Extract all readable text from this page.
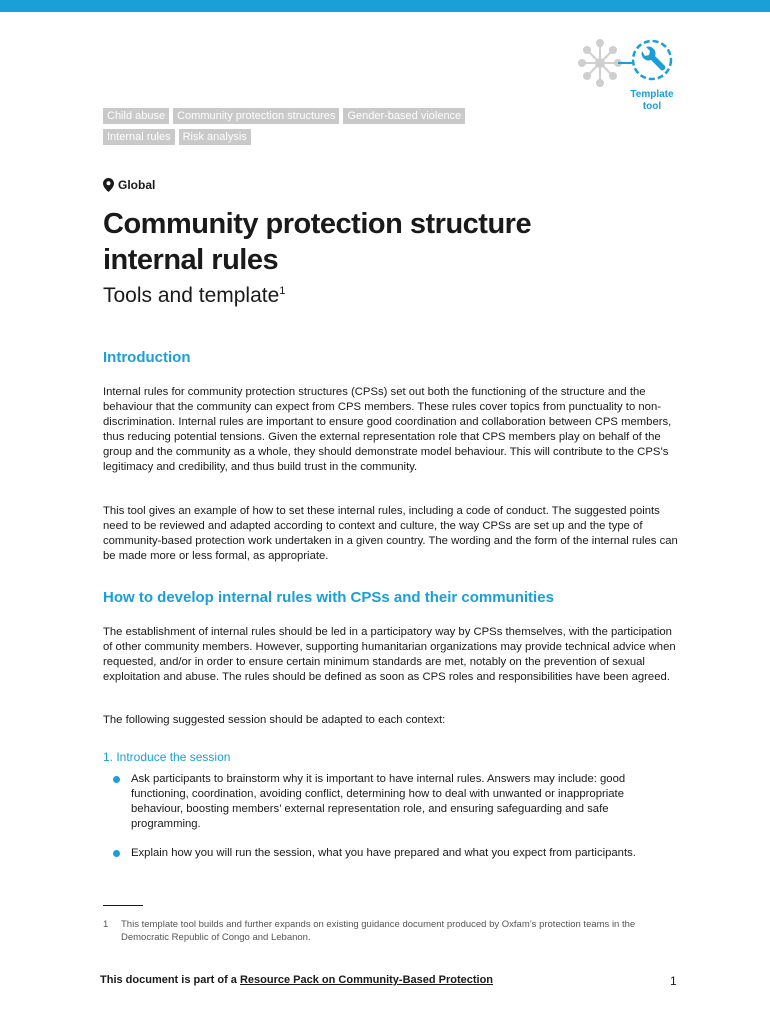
Template
tool
Child abuse	Community protection structures	Gender-based violence
Internal rules	Risk analysis
Global
Community protection structure
internal rules
Tools and template$^1$
Introduction

Internal rules for community protection structures (CPSs) set out both the functioning of the structure and the behaviour that the community can expect from CPS members. These rules cover topics from punctuality to non-discrimination. Internal rules are important to ensure good coordination and collaboration between CPS members, thus reducing potential tensions. Given the external representation role that CPS members play on behalf of the group and the community as a whole, they should demonstrate model behaviour. This will contribute to the CPS’s legitimacy and credibility, and thus build trust in the community.

This tool gives an example of how to set these internal rules, including a code of conduct. The suggested points need to be reviewed and adapted according to context and culture, the way CPSs are set up and the type of community-based protection work undertaken in a given country. The wording and the form of the internal rules can be made more or less formal, as appropriate.

How to develop internal rules with CPSs and their communities

The establishment of internal rules should be led in a participatory way by CPSs themselves, with the participation of other community members. However, supporting humanitarian organizations may provide technical advice when requested, and/or in order to ensure certain minimum standards are met, notably on the prevention of sexual exploitation and abuse. The rules should be defined as soon as CPS roles and responsibilities have been agreed.

The following suggested session should be adapted to each context:

1. Introduce the session
Ask participants to brainstorm why it is important to have internal rules. Answers may include: good functioning, coordination, avoiding conflict, determining how to deal with unwanted or inappropriate behaviour, boosting members’ external representation role, and ensuring safeguarding and safe programming.
Explain how you will run the session, what you have prepared and what you expect from participants.
1	This template tool builds and further expands on existing guidance document produced by Oxfam’s protection teams in the Democratic Republic of Congo and Lebanon.
This document is part of a Resource Pack on Community-Based Protection	1
